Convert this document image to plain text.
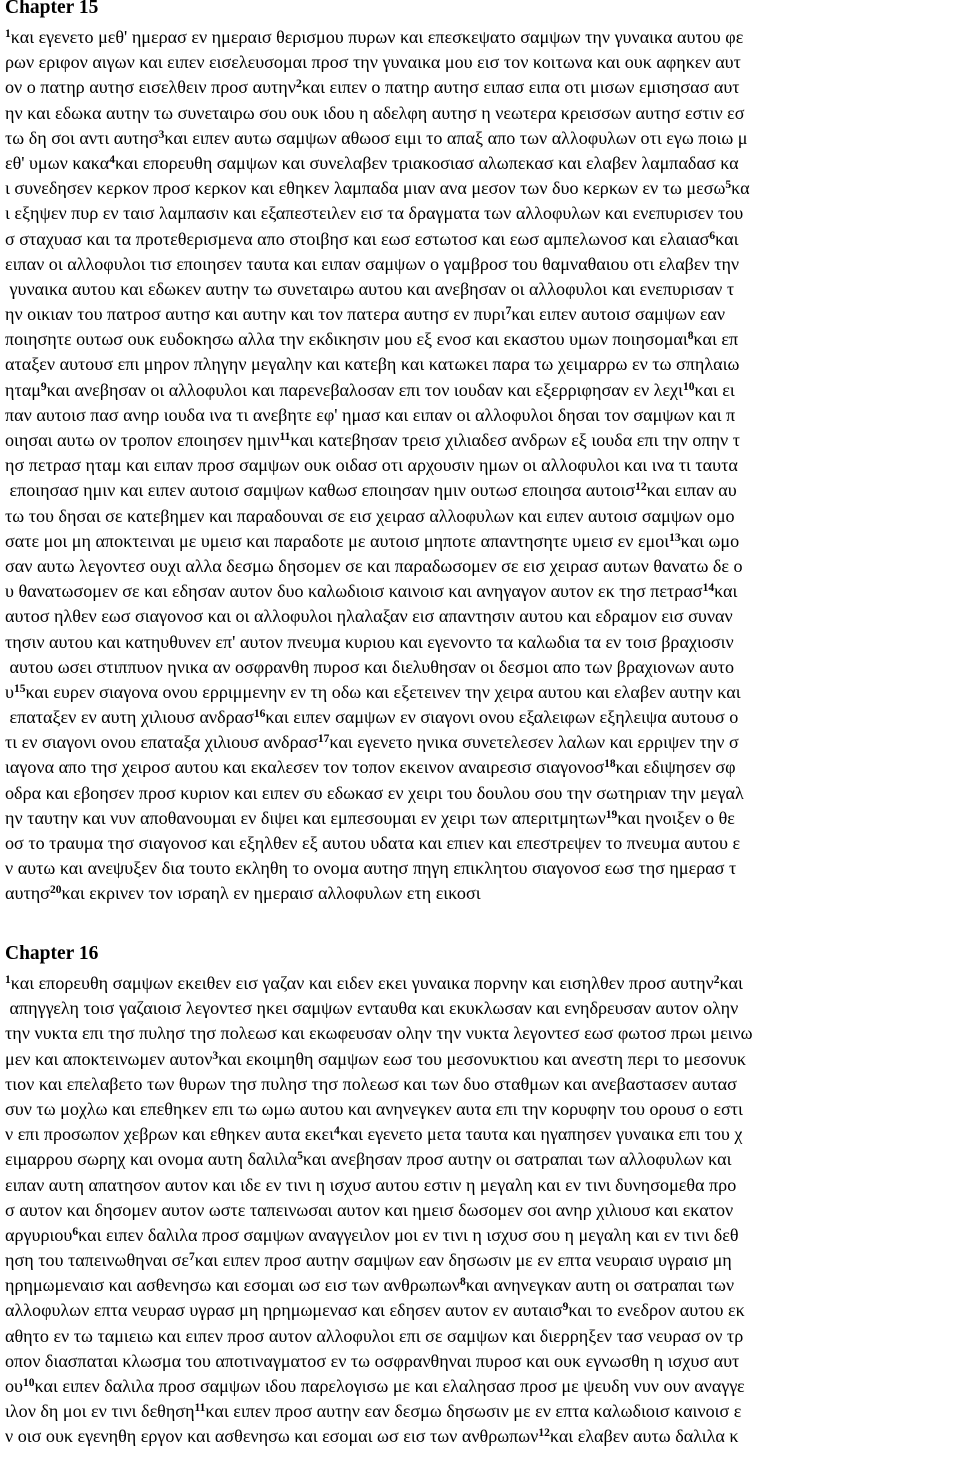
Chapter 15
$^1$και εγενετο μεθ' ημερασ εν ημεραισ θερισμου πυρων και επεσκεψατο σαμψων την γυναικα αυτου φε
ρων εριφον αιγων και ειπεν εισελευσομαι προσ την γυναικα μου εισ τον κοιτωνα και ουκ αφηκεν αυτ
ον ο πατηρ αυτησ εισελθειν προσ αυτην$^2$και ειπεν ο πατηρ αυτησ ειπασ ειπα οτι μισων εμισησασ αυτ
ην και εδωκα αυτην τω συνεταιρω σου ουκ ιδου η αδελφη αυτησ η νεωτερα κρεισσων αυτησ εστιν εσ
τω δη σοι αντι αυτησ$^3$και ειπεν αυτω σαμψων αθωοσ ειμι το απαξ απο των αλλοφυλων οτι εγω ποιω μ
εθ' υμων κακα$^4$και επορευθη σαμψων και συνελαβεν τριακοσιασ αλωπεκασ και ελαβεν λαμπαδασ κα
ι συνεδησεν κερκον προσ κερκον και εθηκεν λαμπαδα μιαν ανα μεσον των δυο κερκων εν τω μεσω$^5$κα
ι εξηψεν πυρ εν ταισ λαμπασιν και εξαπεστειλεν εισ τα δραγματα των αλλοφυλων και ενεπυρισεν του
σ σταχυασ και τα προτεθερισμενα απο στοιβησ και εωσ εστωτοσ και εωσ αμπελωνοσ και ελαιασ$^6$και
ειπαν οι αλλοφυλοι τισ εποιησεν ταυτα και ειπαν σαμψων ο γαμβροσ του θαμναθαιου οτι ελαβεν την
γυναικα αυτου και εδωκεν αυτην τω συνεταιρω αυτου και ανεβησαν οι αλλοφυλοι και ενεπυρισαν τ
ην οικιαν του πατροσ αυτησ και αυτην και τον πατερα αυτησ εν πυρι$^7$και ειπεν αυτοισ σαμψων εαν
ποιησητε ουτωσ ουκ ευδοκησω αλλα την εκδικησιν μου εξ ενοσ και εκαστου υμων ποιησομαι$^8$και επ
αταξεν αυτουσ επι μηρον πληγην μεγαλην και κατεβη και κατωκει παρα τω χειμαρρω εν τω σπηλαιω
ηταμ$^9$και ανεβησαν οι αλλοφυλοι και παρενεβαλοσαν επι τον ιουδαν και εξερριφησαν εν λεχι$^{10}$και ει
παν αυτοισ πασ ανηρ ιουδα ινα τι ανεβητε εφ' ημασ και ειπαν οι αλλοφυλοι δησαι τον σαμψων και π
οιησαι αυτω ον τροπον εποιησεν ημιν$^{11}$και κατεβησαν τρεισ χιλιαδεσ ανδρων εξ ιουδα επι την οπην τ
ησ πετρασ ηταμ και ειπαν προσ σαμψων ουκ οιδασ οτι αρχουσιν ημων οι αλλοφυλοι και ινα τι ταυτα
εποιησασ ημιν και ειπεν αυτοισ σαμψων καθωσ εποιησαν ημιν ουτωσ εποιησα αυτοισ$^{12}$και ειπαν αυ
τω του δησαι σε κατεβημεν και παραδουναι σε εισ χειρασ αλλοφυλων και ειπεν αυτοισ σαμψων ομο
σατε μοι μη αποκτειναι με υμεισ και παραδοτε με αυτοισ μηποτε απαντησητε υμεισ εν εμοι$^{13}$και ωμο
σαν αυτω λεγοντεσ ουχι αλλα δεσμω δησομεν σε και παραδωσομεν σε εισ χειρασ αυτων θανατω δε ο
υ θανατωσομεν σε και εδησαν αυτον δυο καλωδιοισ καινοισ και ανηγαγον αυτον εκ τησ πετρασ$^{14}$και
αυτοσ ηλθεν εωσ σιαγονοσ και οι αλλοφυλοι ηλαλαξαν εισ απαντησιν αυτου και εδραμον εισ συναν
τησιν αυτου και κατηυθυνεν επ' αυτον πνευμα κυριου και εγενοντο τα καλωδια τα εν τοισ βραχιοσιν
αυτου ωσει στιππυον ηνικα αν οσφρανθη πυροσ και διελυθησαν οι δεσμοι απο των βραχιονων αυτο
$\upsilon^{15}\kappa\alpha\iota$ ευρεν σιαγονα ονου ερριμμενην εν τη οδω και εξετεινεν την χειρα αυτου και ελαβεν αυτην και
επαταξεν εν αυτη χιλιουσ ανδρασ$^{16}$και ειπεν σαμψων εν σιαγονι ονου εξαλειφων εξηλειψα αυτουσ ο
τι εν σιαγονι ονου επαταξα χιλιουσ ανδρασ$^{17}$και εγενετο ηνικα συνετελεσεν λαλων και ερριψεν την σ
ιαγονα απο τησ χειροσ αυτου και εκαλεσεν τον τοπον εκεινον αναιρεσισ σιαγονοσ$^{18}$και εδιψησεν σφ
οδρα και εβοησεν προσ κυριον και ειπεν συ εδωκασ εν χειρι του δουλου σου την σωτηριαν την μεγαλ
ην ταυτην και νυν αποθανουμαι εν διψει και εμπεσουμαι εν χειρι των απεριτμητων$^{19}$και ηνοιξεν ο θε
οσ το τραυμα τησ σιαγονοσ και εξηλθεν εξ αυτου υδατα και επιεν και επεστρεψεν το πνευμα αυτου ε
ν αυτω και ανεψυξεν δια τουτο εκληθη το ονομα αυτησ πηγη επικλητου σιαγονοσ εωσ τησ ημερασ τ
αυτησ$^{20}$και εκρινεν τον ισραηλ εν ημεραισ αλλοφυλων ετη εικοσι
Chapter 16
$^1$και επορευθη σαμψων εκειθεν εισ γαζαν και ειδεν εκει γυναικα πορνην και εισηλθεν προσ αυτην$^2$και
απηγγελη τοισ γαζαιοισ λεγοντεσ ηκει σαμψων ενταυθα και εκυκλωσαν και ενηδρευσαν αυτον ολην
την νυκτα επι τησ πυλησ τησ πολεωσ και εκωφευσαν ολην την νυκτα λεγοντεσ εωσ φωτοσ πρωι μεινω
μεν και αποκτεινωμεν αυτον$^3$και εκοιμηθη σαμψων εωσ του μεσονυκτιου και ανεστη περι το μεσονυκ
τιον και επελαβετο των θυρων τησ πυλησ τησ πολεωσ και των δυο σταθμων και ανεβαστασεν αυτασ
συν τω μοχλω και επεθηκεν επι τω ωμω αυτου και ανηνεγκεν αυτα επι την κορυφην του ορουσ ο εστι
ν επι προσωπον χεβρων και εθηκεν αυτα εκει$^4$και εγενετο μετα ταυτα και ηγαπησεν γυναικα επι του χ
ειμαρρου σωρηχ και ονομα αυτη δαλιλα$^5$και ανεβησαν προσ αυτην οι σατραπαι των αλλοφυλων και
ειπαν αυτη απατησον αυτον και ιδε εν τινι η ισχυσ αυτου εστιν η μεγαλη και εν τινι δυνησομεθα προ
σ αυτον και δησομεν αυτον ωστε ταπεινωσαι αυτον και ημεισ δωσομεν σοι ανηρ χιλιουσ και εκατον
αργυριου$^6$και ειπεν δαλιλα προσ σαμψων αναγγειλον μοι εν τινι η ισχυσ σου η μεγαλη και εν τινι δεθ
ηση του ταπεινωθηναι $\sigma\varepsilon^7\kappa\alpha\iota$ ειπεν προσ αυτην σαμψων εαν δησωσιν με εν επτα νευραισ υγραισ μη
ηρημωμεναισ και ασθενησω και εσομαι ωσ εισ των ανθρωπων$^8$και ανηνεγκαν αυτη οι σατραπαι των
αλλοφυλων επτα νευρασ υγρασ μη ηρημωμενασ και εδησεν αυτον εν αυταισ$^9$και το ενεδρον αυτου εκ
αθητο εν τω ταμιειω και ειπεν προσ αυτον αλλοφυλοι επι σε σαμψων και διερρηξεν τασ νευρασ ον τρ
οπον διασπαται κλωσμα του αποτιναγματοσ εν τω οσφρανθηναι πυροσ και ουκ εγνωσθη η ισχυσ αυτ
$o\upsilon^{10}\kappa\alpha\iota$ ειπεν δαλιλα προσ σαμψων ιδου παρελογισω με και ελαλησασ προσ με ψευδη νυν ουν αναγγε
ιλον δη μοι εν τινι δεθηση$^{11}$και ειπεν προσ αυτην εαν δεσμω δησωσιν με εν επτα καλωδιοισ καινοισ ε
ν οισ ουκ εγενηθη εργον και ασθενησω και εσομαι ωσ εισ των ανθρωπων$^{12}$και ελαβεν αυτω δαλιλα κ
